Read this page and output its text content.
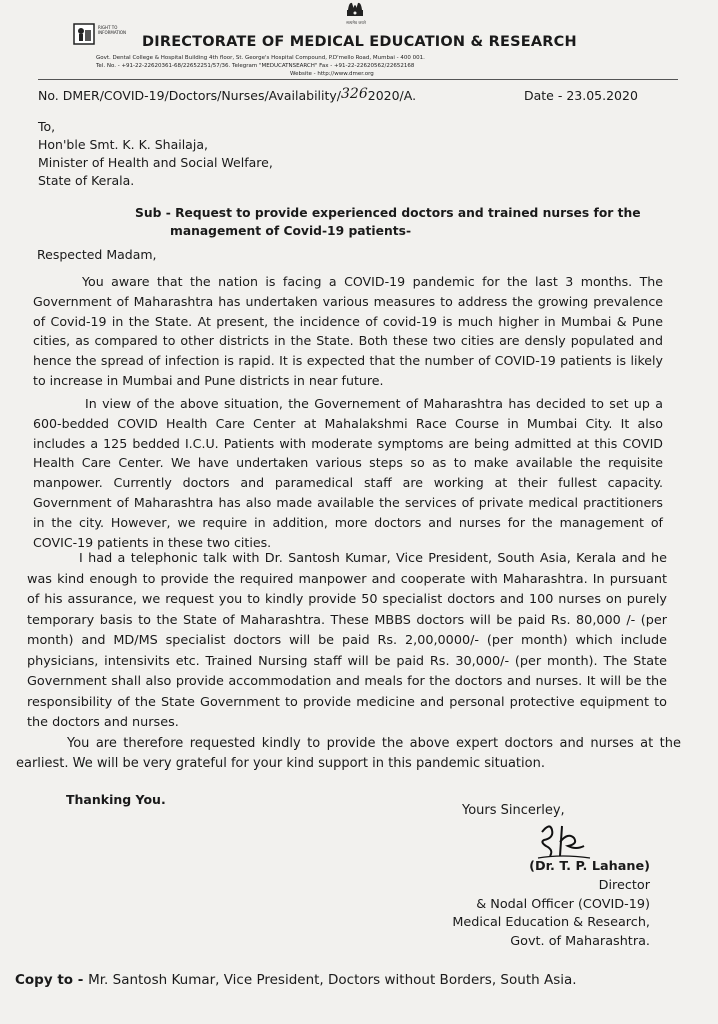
सत्यमेव जयते
RIGHT TO INFORMATION
DIRECTORATE OF MEDICAL EDUCATION & RESEARCH
Govt. Dental College & Hospital Building 4th floor, St. George's Hospital Compound, P.D'mello Road, Mumbai - 400 001.
Tel. No. - +91-22-22620361-68/22652251/57/36. Telegram "MEDUCATNSEARCH" Fax - +91-22-22620562/22652168
Website - http://www.dmer.org
No. DMER/COVID-19/Doctors/Nurses/Availability/3262020/A.	Date - 23.05.2020
To,
Hon'ble Smt. K. K. Shailaja,
Minister of Health and Social Welfare,
State of Kerala.
Sub - Request to provide experienced doctors and trained nurses for the
management of Covid-19 patients-
Respected Madam,

You aware that the nation is facing a COVID-19 pandemic for the last 3 months. The Government of Maharashtra has undertaken various measures to address the growing prevalence of Covid-19 in the State. At present, the incidence of covid-19 is much higher in Mumbai & Pune cities, as compared to other districts in the State. Both these two cities are densly populated and hence the spread of infection is rapid. It is expected that the number of COVID-19 patients is likely to increase in Mumbai and Pune districts in near future.

In view of the above situation, the Governement of Maharashtra has decided to set up a 600-bedded COVID Health Care Center at Mahalakshmi Race Course in Mumbai City. It also includes a 125 bedded I.C.U. Patients with moderate symptoms are being admitted at this COVID Health Care Center. We have undertaken various steps so as to make available the requisite manpower. Currently doctors and paramedical staff are working at their fullest capacity. Government of Maharashtra has also made available the services of private medical practitioners in the city. However, we require in addition, more doctors and nurses for the management of COVIC-19 patients in these two cities.

I had a telephonic talk with Dr. Santosh Kumar, Vice President, South Asia, Kerala and he was kind enough to provide the required manpower and cooperate with Maharashtra. In pursuant of his assurance, we request you to kindly provide 50 specialist doctors and 100 nurses on purely temporary basis to the State of Maharashtra. These MBBS doctors will be paid Rs. 80,000 /- (per month) and MD/MS specialist doctors will be paid Rs. 2,00,0000/- (per month) which include physicians, intensivits etc. Trained Nursing staff will be paid Rs. 30,000/- (per month). The State Government shall also provide accommodation and meals for the doctors and nurses. It will be the responsibility of the State Government to provide medicine and personal protective equipment to the doctors and nurses.

You are therefore requested kindly to provide the above expert doctors and nurses at the earliest. We will be very grateful for your kind support in this pandemic situation.

Thanking You.
Yours Sincerley,
(Dr. T. P. Lahane)
Director
& Nodal Officer (COVID-19)
Medical Education & Research,
Govt. of Maharashtra.
Copy to - Mr. Santosh Kumar, Vice President, Doctors without Borders, South Asia.
